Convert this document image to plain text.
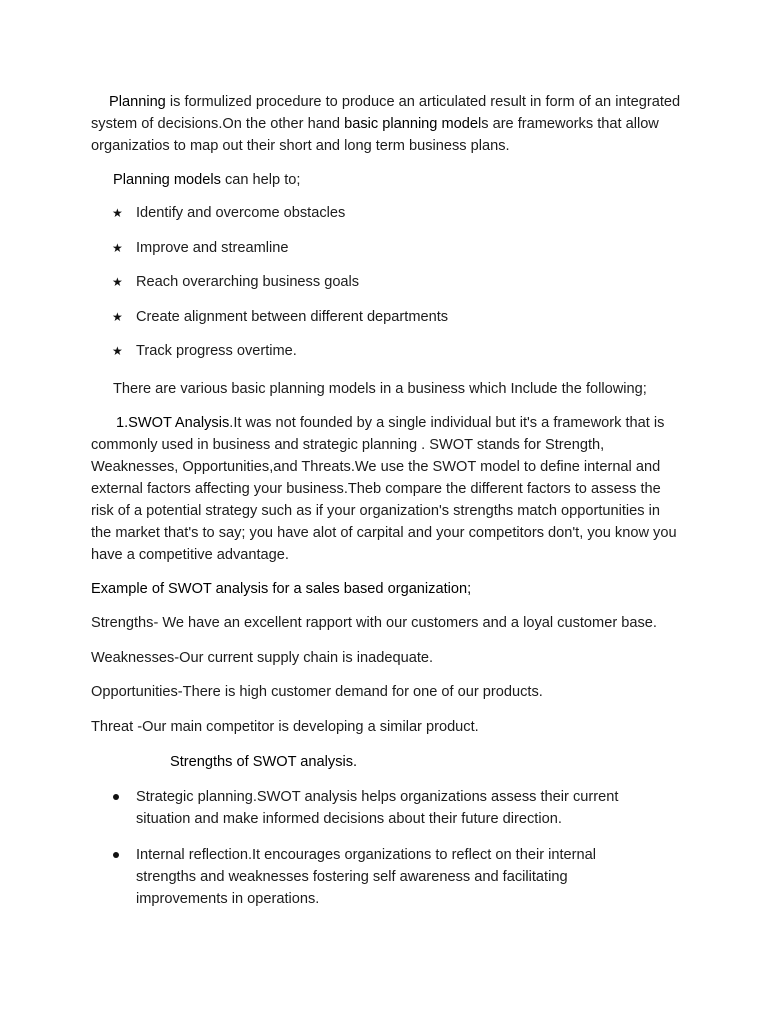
Planning is formulized procedure to produce an articulated result in form of an integrated system of decisions.On the other hand basic planning models are frameworks that allow organizatios to map out their short and long term business plans.

Planning models can help to;

★ Identify and overcome obstacles
★ Improve and streamline
★ Reach overarching business goals
★ Create alignment between different departments
★ Track progress overtime.

There are various basic planning models in a business which Include the following;

1.SWOT Analysis.It was not founded by a single individual but it's a framework that is commonly used in business and strategic planning . SWOT stands for Strength, Weaknesses, Opportunities,and Threats.We use the SWOT model to define internal and external factors affecting your business.Theb compare the different factors to assess the risk of a potential strategy such as if your organization's strengths match opportunities in the market that's to say; you have alot of carpital and your competitors don't, you know you have a competitive advantage.

Example of SWOT analysis for a sales based organization;

Strengths- We have an excellent rapport with our customers and a loyal customer base.

Weaknesses-Our current supply chain is inadequate.

Opportunities-There is high customer demand for one of our products.

Threat -Our main competitor is developing a similar product.

Strengths of SWOT analysis.

Strategic planning.SWOT analysis helps organizations assess their current situation and make informed decisions about their future direction.
Internal reflection.It encourages organizations to reflect on their internal strengths and weaknesses fostering self awareness and facilitating improvements in operations.
